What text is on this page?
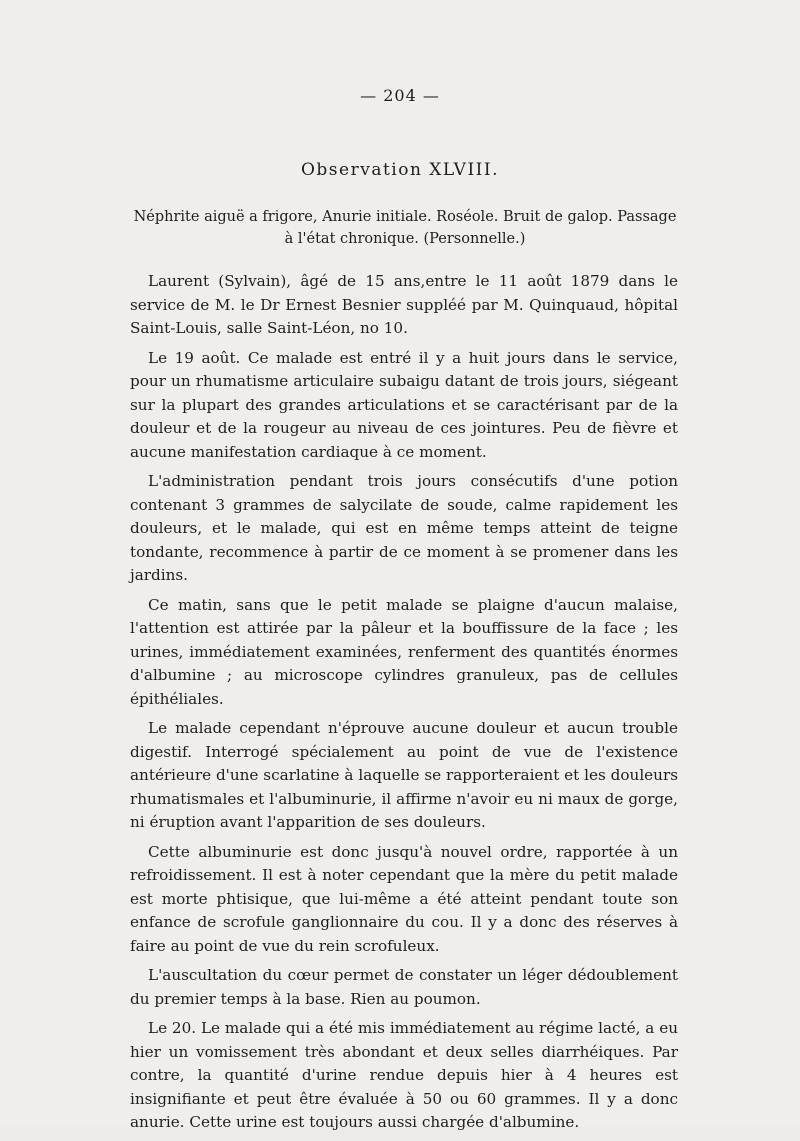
— 204 —
Observation XLVIII.
Néphrite aiguë a frigore, Anurie initiale. Roséole. Bruit de galop. Passage à l'état chronique. (Personnelle.)

Laurent (Sylvain), âgé de 15 ans,entre le 11 août 1879 dans le service de M. le Dr Ernest Besnier suppléé par M. Quinquaud, hôpital Saint-Louis, salle Saint-Léon, no 10.

Le 19 août. Ce malade est entré il y a huit jours dans le service, pour un rhumatisme articulaire subaigu datant de trois jours, siégeant sur la plupart des grandes articulations et se caractérisant par de la douleur et de la rougeur au niveau de ces jointures. Peu de fièvre et aucune manifestation cardiaque à ce moment.

L'administration pendant trois jours consécutifs d'une potion contenant 3 grammes de salycilate de soude, calme rapidement les douleurs, et le malade, qui est en même temps atteint de teigne tondante, recommence à partir de ce moment à se promener dans les jardins.

Ce matin, sans que le petit malade se plaigne d'aucun malaise, l'attention est attirée par la pâleur et la bouffissure de la face ; les urines, immédiatement examinées, renferment des quantités énormes d'albumine ; au microscope cylindres granuleux, pas de cellules épithéliales.

Le malade cependant n'éprouve aucune douleur et aucun trouble digestif. Interrogé spécialement au point de vue de l'existence antérieure d'une scarlatine à laquelle se rapporteraient et les douleurs rhumatismales et l'albuminurie, il affirme n'avoir eu ni maux de gorge, ni éruption avant l'apparition de ses douleurs.

Cette albuminurie est donc jusqu'à nouvel ordre, rapportée à un refroidissement. Il est à noter cependant que la mère du petit malade est morte phtisique, que lui-même a été atteint pendant toute son enfance de scrofule ganglionnaire du cou. Il y a donc des réserves à faire au point de vue du rein scrofuleux.

L'auscultation du cœur permet de constater un léger dédoublement du premier temps à la base. Rien au poumon.

Le 20. Le malade qui a été mis immédiatement au régime lacté, a eu hier un vomissement très abondant et deux selles diarrhéiques. Par contre, la quantité d'urine rendue depuis hier à 4 heures est insignifiante et peut être évaluée à 50 ou 60 grammes. Il y a donc anurie. Cette urine est toujours aussi chargée d'albumine.
